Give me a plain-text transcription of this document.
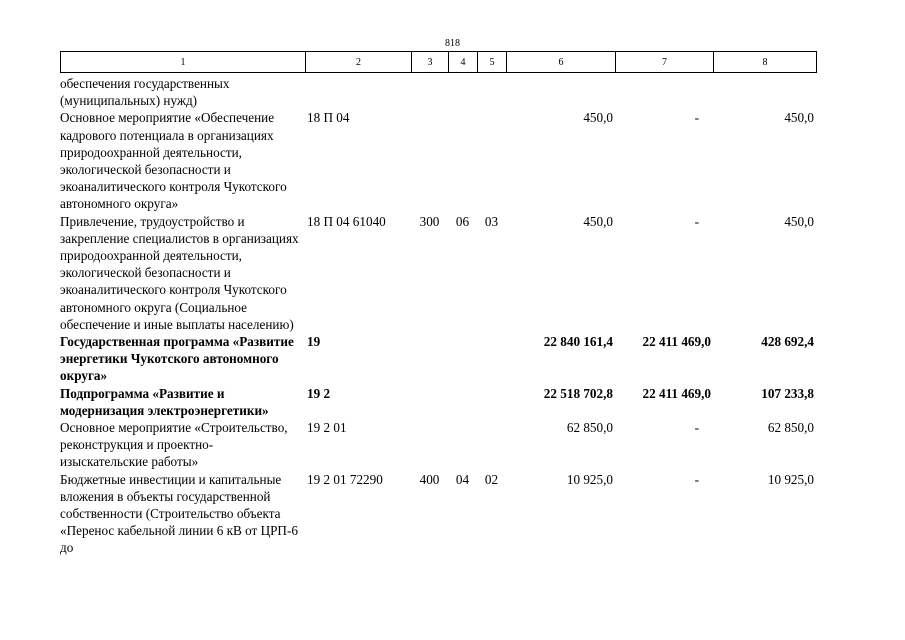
818
1	2	3	4	5	6	7	8
обеспечения государственных (муниципальных) нужд)							
Основное мероприятие «Обеспечение кадрового потенциала в организациях природоохранной деятельности, экологической безопасности и экоаналитического контроля Чукотского автономного округа»	18 П 04				450,0	-	450,0
Привлечение, трудоустройство и закрепление специалистов в организациях природоохранной деятельности, экологической безопасности и экоаналитического контроля Чукотского автономного округа (Социальное обеспечение и иные выплаты населению)	18 П 04 61040	300	06	03	450,0	-	450,0
Государственная программа «Развитие энергетики Чукотского автономного округа»	19				22 840 161,4	22 411 469,0	428 692,4
Подпрограмма «Развитие и модернизация электроэнергетики»	19 2				22 518 702,8	22 411 469,0	107 233,8
Основное мероприятие «Строительство, реконструкция и проектно-изыскательские работы»	19 2 01				62 850,0	-	62 850,0
Бюджетные инвестиции и капитальные вложения в объекты государственной собственности (Строительство объекта «Перенос кабельной линии 6 кВ от ЦРП-6 до	19 2 01 72290	400	04	02	10 925,0	-	10 925,0
